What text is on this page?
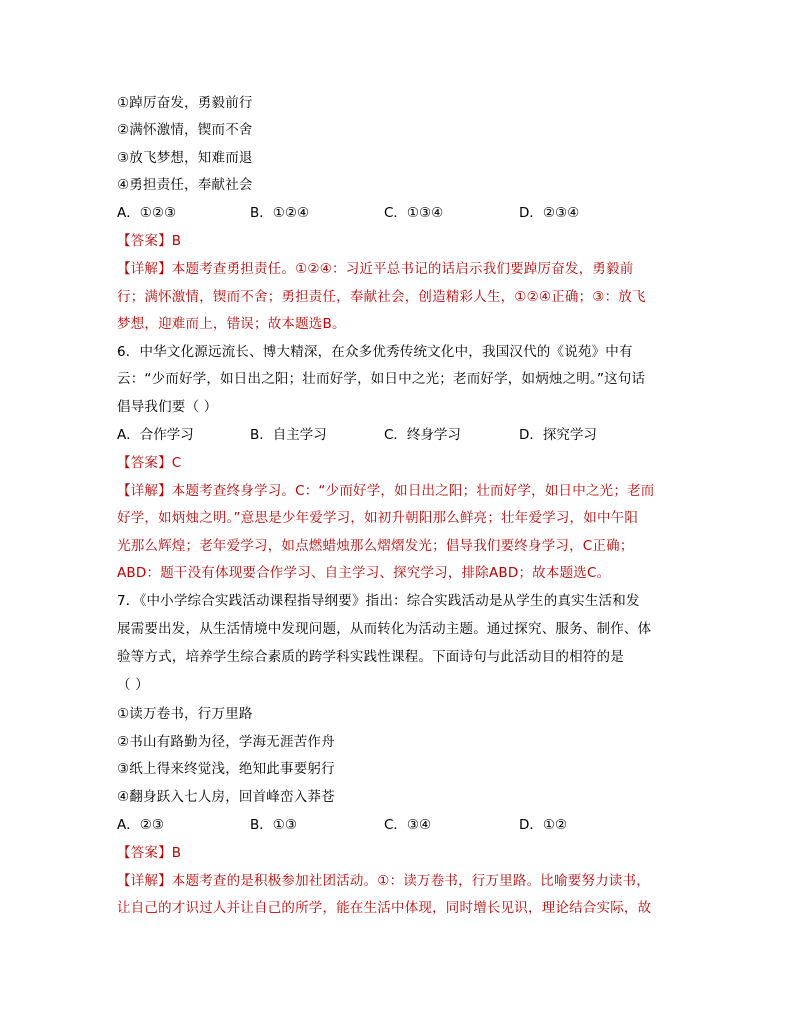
①踔厉奋发，勇毅前行
②满怀激情，锲而不舍
③放飞梦想，知难而退
④勇担责任，奉献社会
A．①②③	B．①②④	C．①③④	D．②③④
【答案】B
【详解】本题考查勇担责任。①②④：习近平总书记的话启示我们要踔厉奋发，勇毅前
行；满怀激情，锲而不舍；勇担责任，奉献社会，创造精彩人生，①②④正确；③：放飞
梦想，迎难而上，错误；故本题选B。
6．中华文化源远流长、博大精深，在众多优秀传统文化中，我国汉代的《说苑》中有
云：“少而好学，如日出之阳；壮而好学，如日中之光；老而好学，如炳烛之明。”这句话
倡导我们要（ ）
A．合作学习	B．自主学习	C．终身学习	D．探究学习
【答案】C
【详解】本题考查终身学习。C：“少而好学，如日出之阳；壮而好学，如日中之光；老而
好学，如炳烛之明。”意思是少年爱学习，如初升朝阳那么鲜亮；壮年爱学习，如中午阳
光那么辉煌；老年爱学习，如点燃蜡烛那么熠熠发光；倡导我们要终身学习，C正确；
ABD：题干没有体现要合作学习、自主学习、探究学习，排除ABD；故本题选C。
7．《中小学综合实践活动课程指导纲要》指出：综合实践活动是从学生的真实生活和发
展需要出发，从生活情境中发现问题，从而转化为活动主题。通过探究、服务、制作、体
验等方式，培养学生综合素质的跨学科实践性课程。下面诗句与此活动目的相符的是
（ ）
①读万卷书，行万里路
②书山有路勤为径，学海无涯苦作舟
③纸上得来终觉浅，绝知此事要躬行
④翻身跃入七人房，回首峰峦入莽苍
A．②③	B．①③	C．③④	D．①②
【答案】B
【详解】本题考查的是积极参加社团活动。①：读万卷书，行万里路。比喻要努力读书，
让自己的才识过人并让自己的所学，能在生活中体现，同时增长见识，理论结合实际，故
